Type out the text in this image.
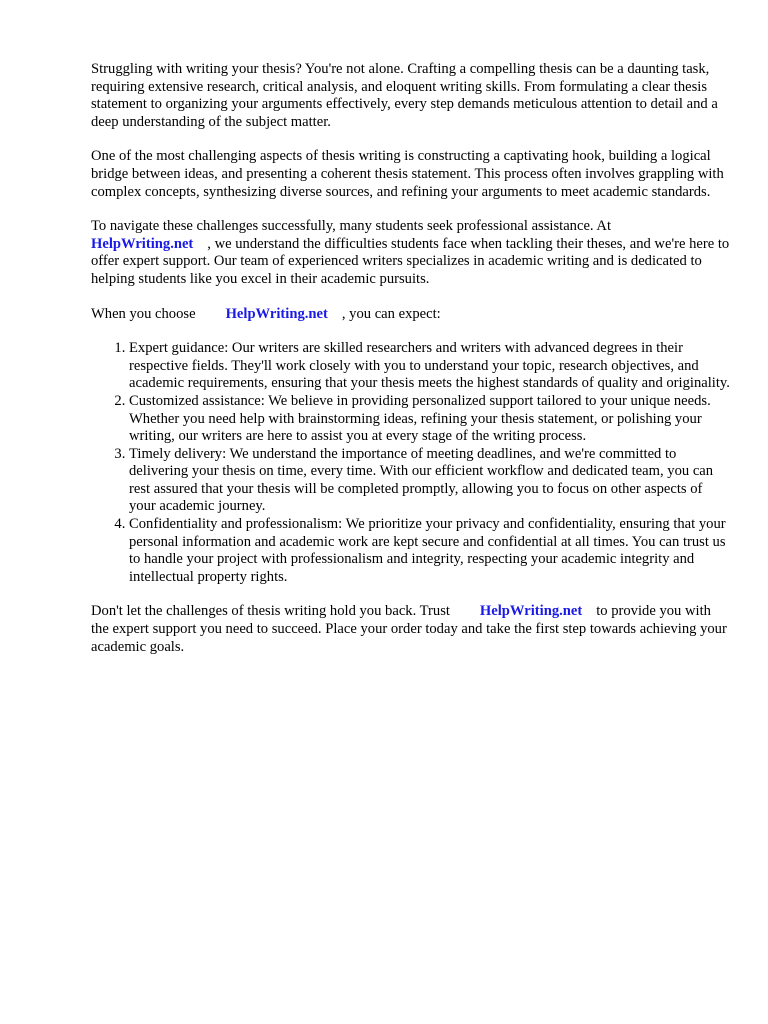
Struggling with writing your thesis? You're not alone. Crafting a compelling thesis can be a daunting task, requiring extensive research, critical analysis, and eloquent writing skills. From formulating a clear thesis statement to organizing your arguments effectively, every step demands meticulous attention to detail and a deep understanding of the subject matter.

One of the most challenging aspects of thesis writing is constructing a captivating hook, building a logical bridge between ideas, and presenting a coherent thesis statement. This process often involves grappling with complex concepts, synthesizing diverse sources, and refining your arguments to meet academic standards.

To navigate these challenges successfully, many students seek professional assistance. At
HelpWriting.net , we understand the difficulties students face when tackling their theses, and we're here to offer expert support. Our team of experienced writers specializes in academic writing and is dedicated to helping students like you excel in their academic pursuits.

When you choose HelpWriting.net , you can expect:

1. Expert guidance: Our writers are skilled researchers and writers with advanced degrees in their respective fields. They'll work closely with you to understand your topic, research objectives, and academic requirements, ensuring that your thesis meets the highest standards of quality and originality.
2. Customized assistance: We believe in providing personalized support tailored to your unique needs. Whether you need help with brainstorming ideas, refining your thesis statement, or polishing your writing, our writers are here to assist you at every stage of the writing process.
3. Timely delivery: We understand the importance of meeting deadlines, and we're committed to delivering your thesis on time, every time. With our efficient workflow and dedicated team, you can rest assured that your thesis will be completed promptly, allowing you to focus on other aspects of your academic journey.
4. Confidentiality and professionalism: We prioritize your privacy and confidentiality, ensuring that your personal information and academic work are kept secure and confidential at all times. You can trust us to handle your project with professionalism and integrity, respecting your academic integrity and intellectual property rights.

Don't let the challenges of thesis writing hold you back. Trust HelpWriting.net to provide you with the expert support you need to succeed. Place your order today and take the first step towards achieving your academic goals.
